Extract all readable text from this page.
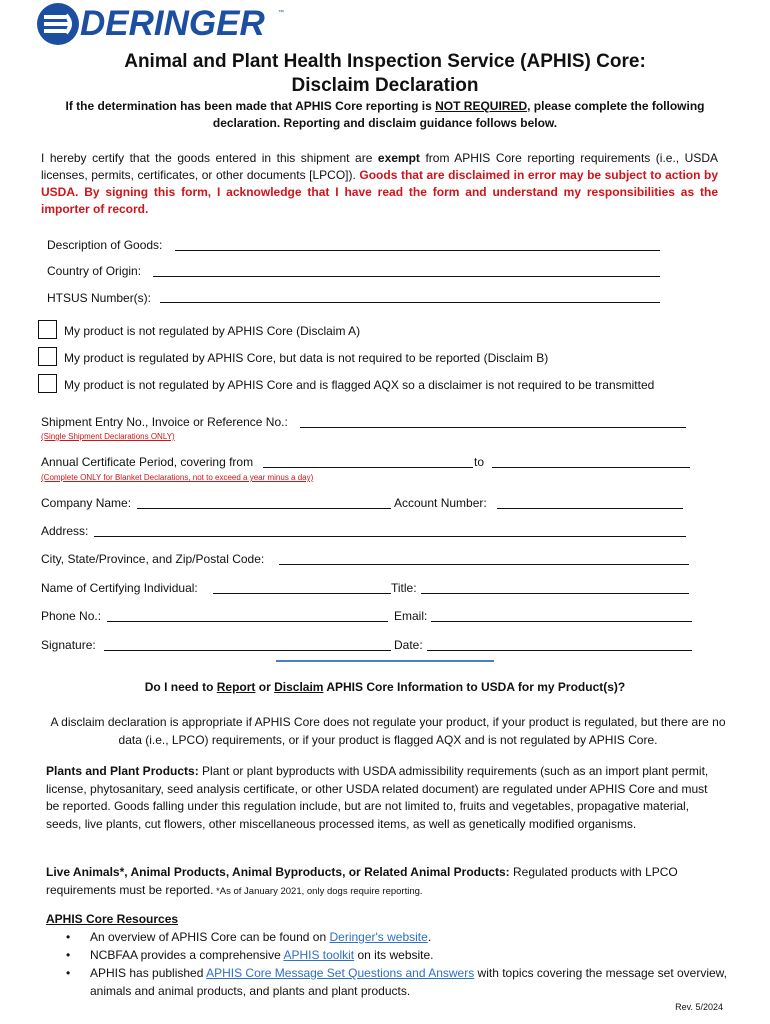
DERINGER ™
Animal and Plant Health Inspection Service (APHIS) Core:
Disclaim Declaration
If the determination has been made that APHIS Core reporting is NOT REQUIRED, please complete the following declaration. Reporting and disclaim guidance follows below.
I hereby certify that the goods entered in this shipment are exempt from APHIS Core reporting requirements (i.e., USDA licenses, permits, certificates, or other documents [LPCO]). Goods that are disclaimed in error may be subject to action by USDA. By signing this form, I acknowledge that I have read the form and understand my responsibilities as the importer of record.
Description of Goods:
Country of Origin:
HTSUS Number(s):
My product is not regulated by APHIS Core (Disclaim A)
My product is regulated by APHIS Core, but data is not required to be reported (Disclaim B)
My product is not regulated by APHIS Core and is flagged AQX so a disclaimer is not required to be transmitted
Shipment Entry No., Invoice or Reference No.:
(Single Shipment Declarations ONLY)
Annual Certificate Period, covering from	to
(Complete ONLY for Blanket Declarations, not to exceed a year minus a day)
Company Name:	Account Number:
Address:
City, State/Province, and Zip/Postal Code:
Name of Certifying Individual:	Title:
Phone No.:	Email:
Signature:	Date:
Do I need to Report or Disclaim APHIS Core Information to USDA for my Product(s)?
A disclaim declaration is appropriate if APHIS Core does not regulate your product, if your product is regulated, but there are no data (i.e., LPCO) requirements, or if your product is flagged AQX and is not regulated by APHIS Core.
Plants and Plant Products: Plant or plant byproducts with USDA admissibility requirements (such as an import plant permit, license, phytosanitary, seed analysis certificate, or other USDA related document) are regulated under APHIS Core and must be reported. Goods falling under this regulation include, but are not limited to, fruits and vegetables, propagative material, seeds, live plants, cut flowers, other miscellaneous processed items, as well as genetically modified organisms.
Live Animals*, Animal Products, Animal Byproducts, or Related Animal Products: Regulated products with LPCO requirements must be reported. *As of January 2021, only dogs require reporting.
APHIS Core Resources
• An overview of APHIS Core can be found on Deringer's website.
• NCBFAA provides a comprehensive APHIS toolkit on its website.
• APHIS has published APHIS Core Message Set Questions and Answers with topics covering the message set overview, animals and animal products, and plants and plant products.
Rev. 5/2024
